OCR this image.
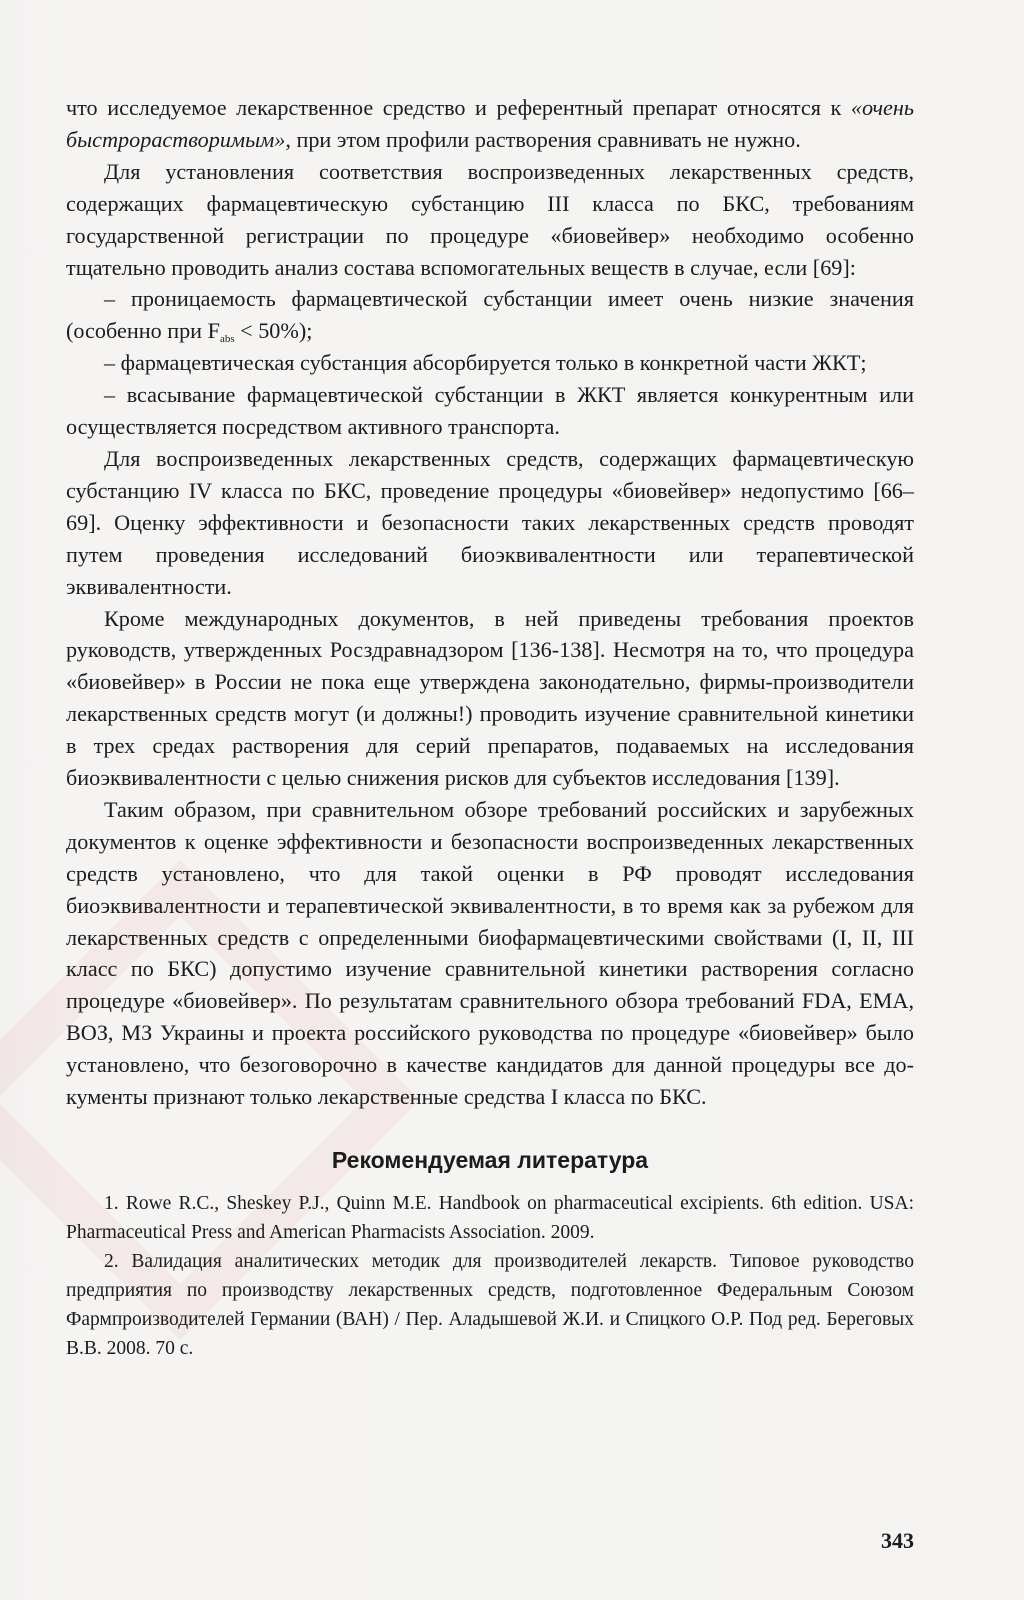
что исследуемое лекарственное средство и референтный препарат относятся к «очень быстрорастворимым», при этом профили растворения сравнивать не нужно.

Для установления соответствия воспроизведенных лекарственных средств, содержащих фармацевтическую субстанцию III класса по БКС, требованиям государственной регистрации по процедуре «биовейвер» необходимо особенно тщательно проводить анализ состава вспомогательных веществ в случае, если [69]:

– проницаемость фармацевтической субстанции имеет очень низкие значения (особенно при $F_{abs} < 50\%$);

– фармацевтическая субстанция абсорбируется только в конкретной части ЖКТ;

– всасывание фармацевтической субстанции в ЖКТ является конкурентным или осуществляется посредством активного транспорта.

Для воспроизведенных лекарственных средств, содержащих фармацевтическую субстанцию IV класса по БКС, проведение процедуры «биовейвер» недопустимо [66–69]. Оценку эффективности и безопасности таких лекарственных средств проводят путем проведения исследований биоэквивалентности или терапевтической эквивалентности.

Кроме международных документов, в ней приведены требования проектов руководств, утвержденных Росздравнадзором [136-138]. Несмотря на то, что процедура «биовейвер» в России не пока еще утверждена законодательно, фирмы-производители лекарственных средств могут (и должны!) проводить изучение сравнительной кинетики в трех средах растворения для серий препаратов, подаваемых на исследования биоэквивалентности с целью снижения рисков для субъектов исследования [139].

Таким образом, при сравнительном обзоре требований российских и зарубежных документов к оценке эффективности и безопасности воспроизведенных лекарственных средств установлено, что для такой оценки в РФ проводят исследования биоэквивалентности и терапевтической эквивалентности, в то время как за рубежом для лекарственных средств с определенными биофармацевтическими свойствами (I, II, III класс по БКС) допустимо изучение сравнительной кинетики растворения согласно процедуре «биовейвер». По результатам сравнительного обзора требований FDA, ЕМА, ВОЗ, МЗ Украины и проекта российского руководства по процедуре «биовейвер» было установлено, что безоговорочно в качестве кандидатов для данной процедуры все документы признают только лекарственные средства I класса по БКС.

Рекомендуемая литература

1. Rowe R.C., Sheskey P.J., Quinn M.E. Handbook on pharmaceutical excipients. 6th edition. USA: Pharmaceutical Press and American Pharmacists Association. 2009.

2. Валидация аналитических методик для производителей лекарств. Типовое руководство предприятия по производству лекарственных средств, подготовленное Федеральным Союзом Фармпроизводителей Германии (ВАН) / Пер. Аладышевой Ж.И. и Спицкого О.Р. Под ред. Береговых В.В. 2008. 70 с.

343
